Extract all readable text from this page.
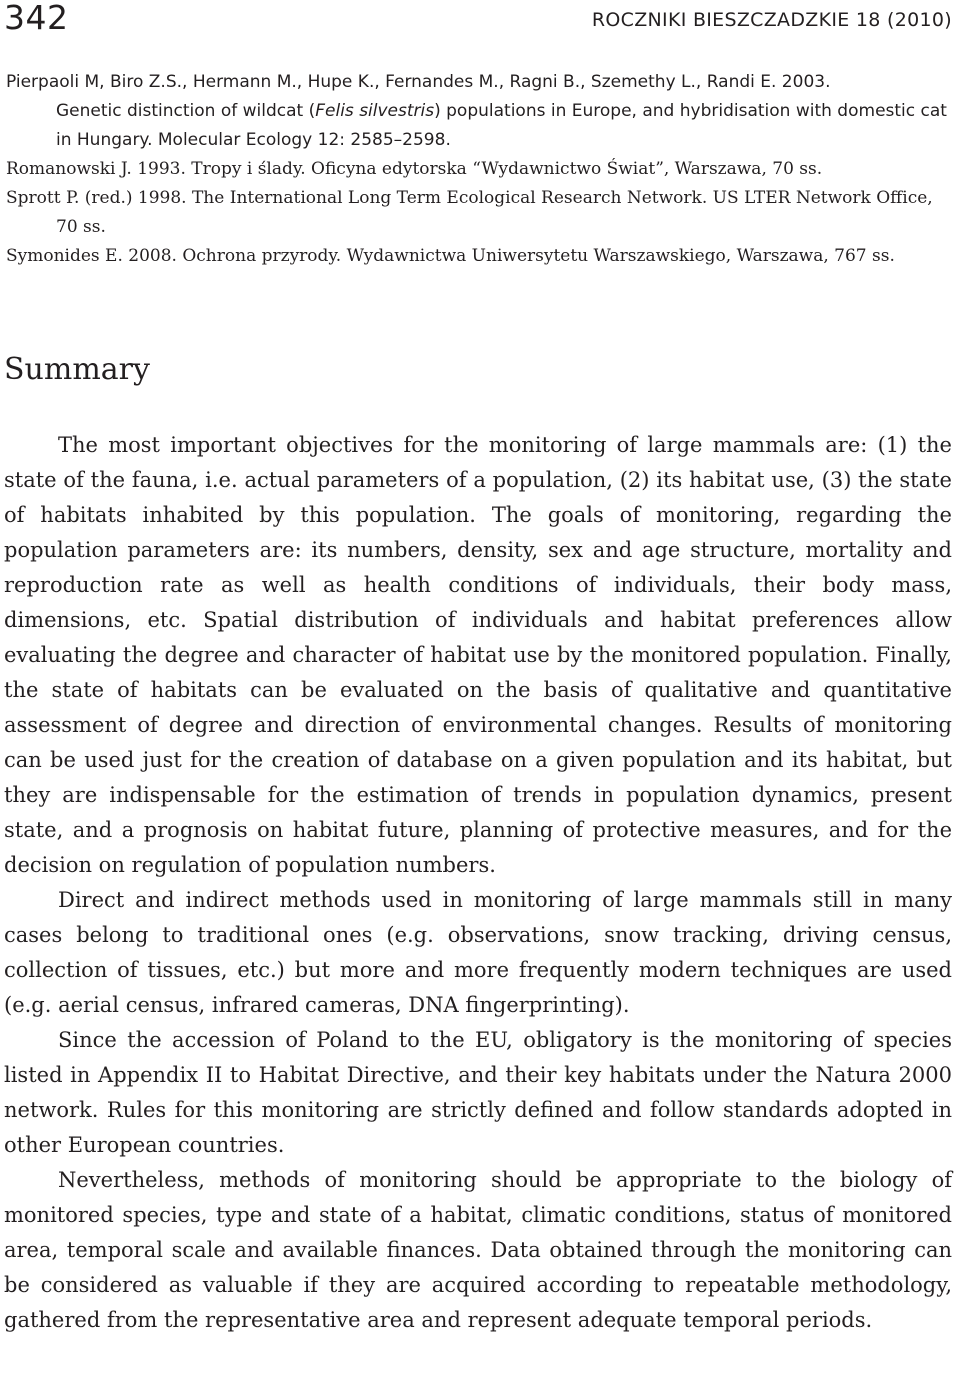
342	ROCZNIKI BIESZCZADZKIE 18 (2010)

Pierpaoli M, Biro Z.S., Hermann M., Hupe K., Fernandes M., Ragni B., Szemethy L., Randi E. 2003.
Genetic distinction of wildcat (Felis silvestris) populations in Europe, and hybridisation with domestic cat in Hungary. Molecular Ecology 12: 2585–2598.

Romanowski J. 1993. Tropy i ślady. Oficyna edytorska “Wydawnictwo Świat”, Warszawa, 70 ss.

Sprott P. (red.) 1998. The International Long Term Ecological Research Network. US LTER Network Office, 70 ss.

Symonides E. 2008. Ochrona przyrody. Wydawnictwa Uniwersytetu Warszawskiego, Warszawa, 767 ss.

Summary

The most important objectives for the monitoring of large mammals are: (1) the state of the fauna, i.e. actual parameters of a population, (2) its habitat use, (3) the state of habitats inhabited by this population. The goals of monitoring, regarding the population parameters are: its numbers, density, sex and age structure, mortality and reproduction rate as well as health conditions of individuals, their body mass, dimensions, etc. Spatial distribution of individuals and habitat preferences allow evaluating the degree and character of habitat use by the monitored population. Finally, the state of habitats can be evaluated on the basis of qualitative and quantitative assessment of degree and direction of environmental changes. Results of monitoring can be used just for the creation of database on a given population and its habitat, but they are indispensable for the estimation of trends in population dynamics, present state, and a prognosis on habitat future, planning of protective measures, and for the decision on regulation of population numbers.

Direct and indirect methods used in monitoring of large mammals still in many cases belong to traditional ones (e.g. observations, snow tracking, driving census, collection of tissues, etc.) but more and more frequently modern techniques are used (e.g. aerial census, infrared cameras, DNA fingerprinting).

Since the accession of Poland to the EU, obligatory is the monitoring of species listed in Appendix II to Habitat Directive, and their key habitats under the Natura 2000 network. Rules for this monitoring are strictly defined and follow standards adopted in other European countries.

Nevertheless, methods of monitoring should be appropriate to the biology of monitored species, type and state of a habitat, climatic conditions, status of monitored area, temporal scale and available finances. Data obtained through the monitoring can be considered as valuable if they are acquired according to repeatable methodology, gathered from the representative area and represent adequate temporal periods.
